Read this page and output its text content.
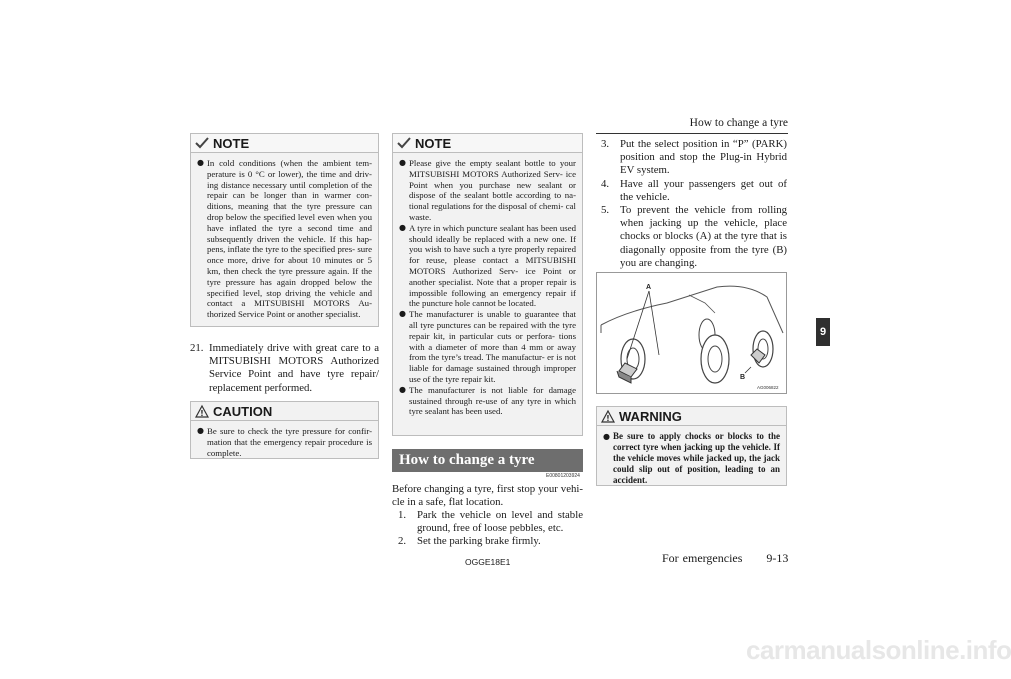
How to change a tyre
9
NOTE
● In cold conditions (when the ambient tem- perature is 0 °C or lower), the time and driv- ing distance necessary until completion of the repair can be longer than in warmer con- ditions, meaning that the tyre pressure can drop below the specified level even when you have inflated the tyre a second time and subsequently driven the vehicle. If this hap- pens, inflate the tyre to the specified pres- sure once more, drive for about 10 minutes or 5 km, then check the tyre pressure again. If the tyre pressure has again dropped below the specified level, stop driving the vehicle and contact a MITSUBISHI MOTORS Au- thorized Service Point or another specialist.
21. Immediately drive with great care to a MITSUBISHI MOTORS Authorized Service Point and have tyre repair/ replacement performed.
! CAUTION
● Be sure to check the tyre pressure for confir- mation that the emergency repair procedure is complete.
NOTE
● Please give the empty sealant bottle to your MITSUBISHI MOTORS Authorized Serv- ice Point when you purchase new sealant or dispose of the sealant bottle according to na- tional regulations for the disposal of chemi- cal waste.
● A tyre in which puncture sealant has been used should ideally be replaced with a new one. If you wish to have such a tyre properly repaired for reuse, please contact a MITSUBISHI MOTORS Authorized Serv- ice Point or another specialist. Note that a proper repair is impossible following an emergency repair if the puncture hole cannot be located.
● The manufacturer is unable to guarantee that all tyre punctures can be repaired with the tyre repair kit, in particular cuts or perfora- tions with a diameter of more than 4 mm or away from the tyre’s tread. The manufactur- er is not liable for damage sustained through improper use of the tyre repair kit.
● The manufacturer is not liable for damage sustained through re-use of any tyre in which tyre sealant has been used.
How to change a tyre
E00801203924
Before changing a tyre, first stop your vehi- cle in a safe, flat location.
1.	Park the vehicle on level and stable ground, free of loose pebbles, etc.
2.	Set the parking brake firmly.
3.	Put the select position in “P” (PARK) position and stop the Plug-in Hybrid EV system.
4.	Have all your passengers get out of the vehicle.
5.	To prevent the vehicle from rolling when jacking up the vehicle, place chocks or blocks (A) at the tyre that is diagonally opposite from the tyre (B) you are changing.
A
B
AG006822
! WARNING
● Be sure to apply chocks or blocks to the correct tyre when jacking up the vehicle. If the vehicle moves while jacked up, the jack could slip out of position, leading to an accident.
OGGE18E1	For emergencies 9-13
carmanualsonline.info
